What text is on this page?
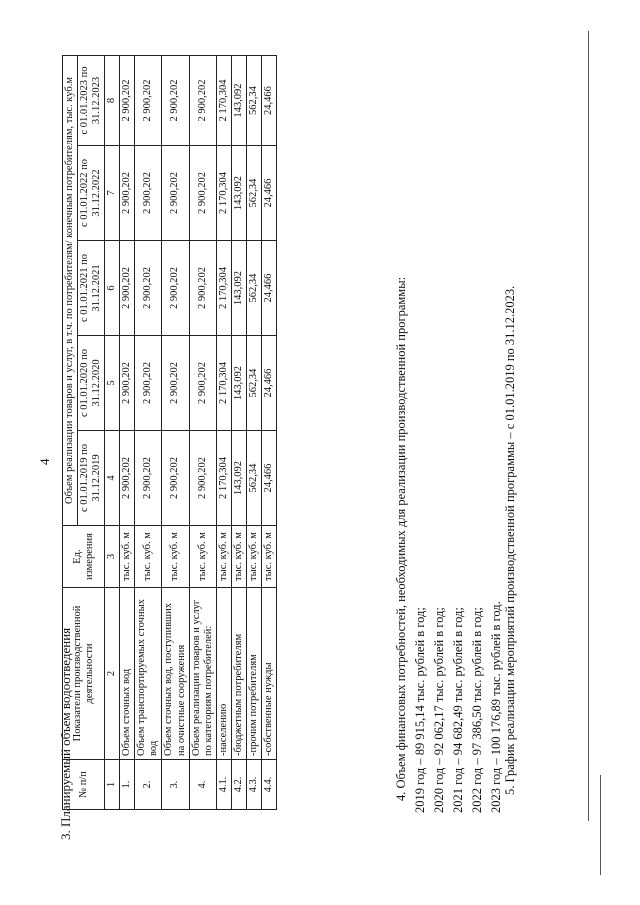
4
3. Планируемый объем водоотведения № п/п	Показатели производственной деятельности	Ед. измерения	Объем реализации товаров и услуг, в т.ч. по потребителям/ конечным потребителям, тыс. куб.м				
			с 01.01.2019 по 31.12.2019	с 01.01.2020 по 31.12.2020	с 01.01.2021 по 31.12.2021	с 01.01.2022 по 31.12.2022	с 01.01.2023 по 31.12.2023
1	2	3	4	5	6	7	8
1.	Объем сточных вод	тыс. куб. м	2 900,202	2 900,202	2 900,202	2 900,202	2 900,202
2.	Объем транспортируемых сточных вод	тыс. куб. м	2 900,202	2 900,202	2 900,202	2 900,202	2 900,202
3.	Объем сточных вод, поступивших на очистные сооружения	тыс. куб. м	2 900,202	2 900,202	2 900,202	2 900,202	2 900,202
4.	Объем реализации товаров и услуг по категориям потребителей:	тыс. куб. м	2 900,202	2 900,202	2 900,202	2 900,202	2 900,202
4.1.	-населению	тыс. куб. м	2 170,304	2 170,304	2 170,304	2 170,304	2 170,304
4.2.	-бюджетным потребителям	тыс. куб. м	143,092	143,092	143,092	143,092	143,092
4.3.	-прочим потребителям	тыс. куб. м	562,34	562,34	562,34	562,34	562,34
4.4.	-собственные нужды	тыс. куб. м	24,466	24,466	24,466	24,466	24,466
4. Объем финансовых потребностей, необходимых для реализации производственной программы: 2019 год – 89 915,14 тыс. рублей в год; 2020 год – 92 062,17 тыс. рублей в год; 2021 год – 94 682,49 тыс. рублей в год; 2022 год – 97 386,50 тыс. рублей в год; 2023 год – 100 176,89 тыс. рублей в год. 5. График реализации мероприятий производственной программы – с 01.01.2019 по 31.12.2023.
